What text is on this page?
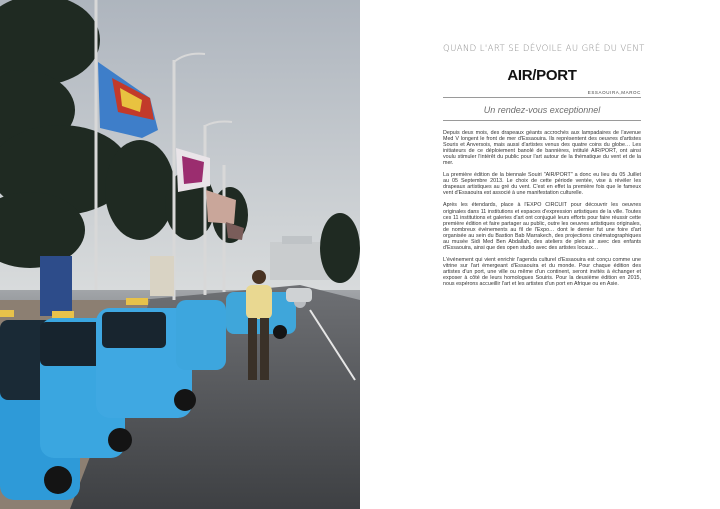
QUAND L'ART SE DÉVOILE AU GRÉ DU VENT
AIR/PORT
ESSAOUIRA,MAROC
Un rendez-vous exceptionnel

Depuis deux mois, des drapeaux géants accrochés aux lampadaires de l'avenue Med V longent le front de mer d'Essaouira. Ils représentent des oeuvres d'artistes Souris et Anversois, mais aussi d'artistes venus des quatre coins du globe… Les initiateurs de ce déploiement banolé de bannières, intitulé AIR/PORT, ont ainsi voulu stimuler l'intérêt du public pour l'art autour de la thématique du vent et de la mer.

La première édition de la biennale Souiri "AIR/PORT" a donc eu lieu du 05 Juillet au 05 Septembre 2013. Le choix de cette période ventée, vise à révéler les drapeaux artistiques au gré du vent. C'est en effet la première fois que le fameux vent d'Essaouira est associé à une manifestation culturelle.

Après les étendards, place à l'EXPO CIRCUIT pour découvrir les oeuvres originales dans 11 institutions et espaces d'expression artistiques de la ville. Toutes ces 11 institutions et galeries d'art ont conjugué leurs efforts pour faire réussir cette première édition et faire partager au public, outre les oeuvres artistiques originales, de nombreux événements au fil de l'Expo… dont le dernier fut une foire d'art organisée au sein du Bastion Bab Marrakech, des projections cinématographiques au musée Sidi Med Ben Abdallah, des ateliers de plein air avec des enfants d'Essaouira, ainsi que des open studio avec des artistes locaux…

L'événement qui vient enrichir l'agenda culturel d'Essaouira est conçu comme une vitrine sur l'art émergeant d'Essaouira et du monde. Pour chaque édition des artistes d'un port, une ville ou même d'un continent, seront invités à échanger et exposer à côté de leurs homologues Souiris. Pour la deuxième édition en 2015, nous espérons accueillir l'art et les artistes d'un port en Afrique ou en Asie.
